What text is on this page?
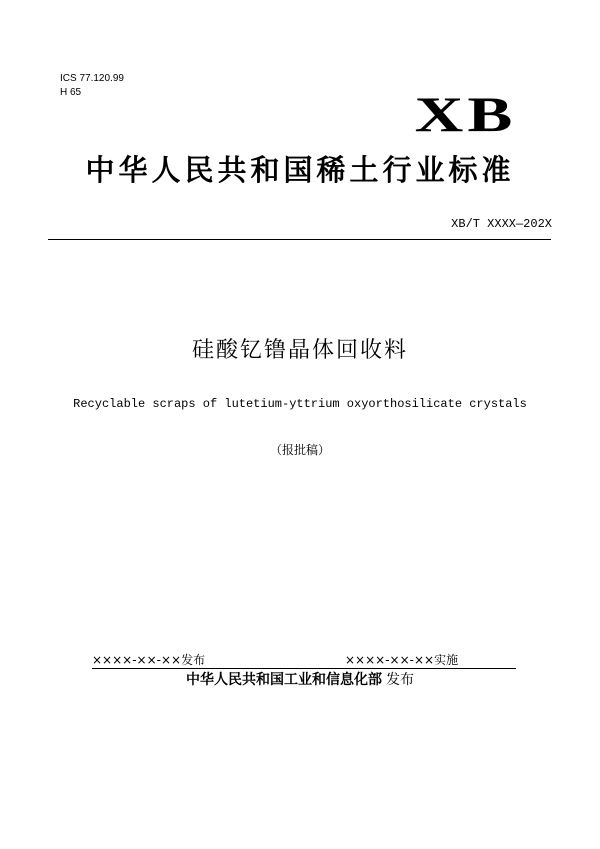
ICS 77.120.99
H 65	XB
中华人民共和国稀土行业标准
XB/T XXXX—202X
硅酸钇镥晶体回收料
Recyclable scraps of lutetium-yttrium oxyorthosilicate crystals
（报批稿）
××××-××-××发布	××××-××-××实施
中华人民共和国工业和信息化部 发布
